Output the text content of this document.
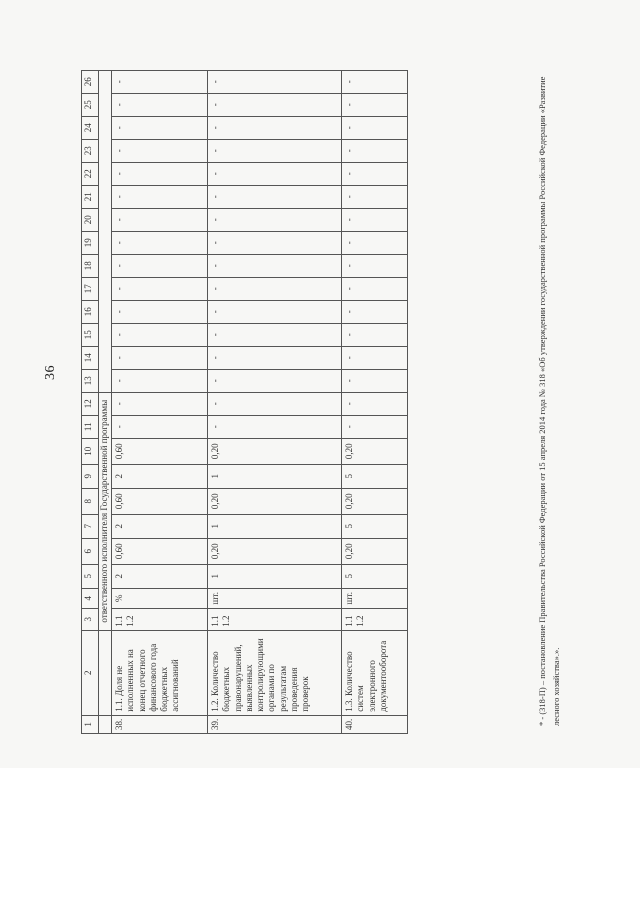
36
1	2	3	4	5	6	7	8	9	10	11	12	13	14	15	16	17	18	19	20	21	22	23	24	25	26
		ответственного исполнителя Государственной программы																							
38.	1.1. Доля не исполненных на конец отчетного финансового года бюджетных ассигнований	1.1 1.2	%	2	0,60	2	0,60	2	0,60	-	-	-	-	-	-	-	-	-	-	-	-	-	-	-	-
39.	1.2. Количество бюджетных правонарушений, выявленных контролирующими органами по результатам проведения проверок	1.1 1.2	шт.	1	0,20	1	0,20	1	0,20	-	-	-	-	-	-	-	-	-	-	-	-	-	-	-	-
40.	1.3. Количество систем электронного документооборота	1.1 1.2	шт.	5	0,20	5	0,20	5	0,20	-	-	-	-	-	-	-	-	-	-	-	-	-	-	-	-	* - (318-П) – постановление Правительства Российской Федерации от 15 апреля 2014 года № 318 «Об утверждении государственной программы Российской Федерации «Развитие лесного хозяйства».».
